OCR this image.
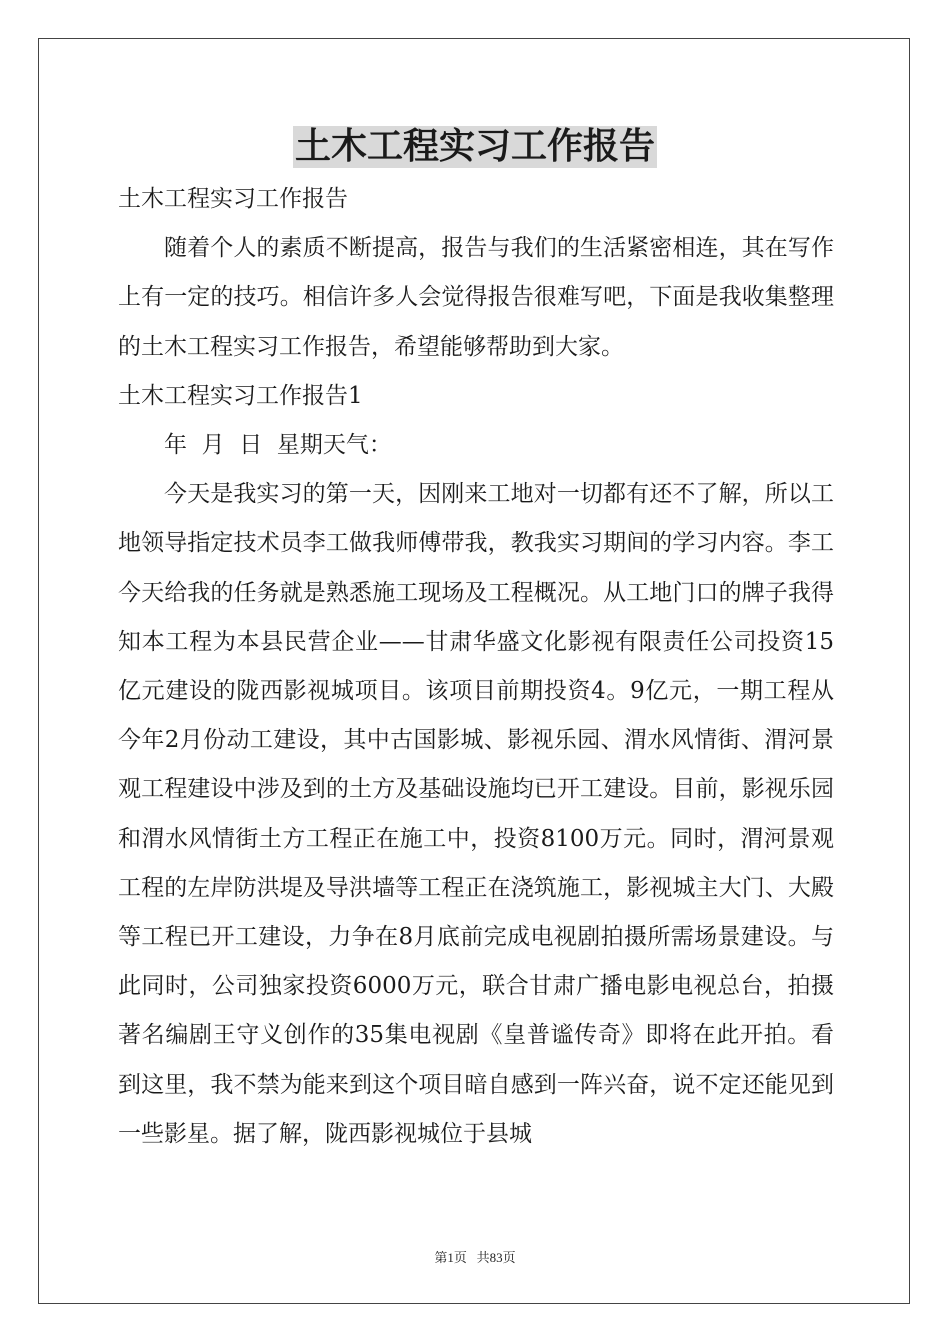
土木工程实习工作报告

土木工程实习工作报告

随着个人的素质不断提高，报告与我们的生活紧密相连，其在写作上有一定的技巧。相信许多人会觉得报告很难写吧，下面是我收集整理的土木工程实习工作报告，希望能够帮助到大家。

土木工程实习工作报告1

年  月  日  星期天气：

今天是我实习的第一天，因刚来工地对一切都有还不了解，所以工地领导指定技术员李工做我师傅带我，教我实习期间的学习内容。李工今天给我的任务就是熟悉施工现场及工程概况。从工地门口的牌子我得知本工程为本县民营企业——甘肃华盛文化影视有限责任公司投资15亿元建设的陇西影视城项目。该项目前期投资4。9亿元，一期工程从今年2月份动工建设，其中古国影城、影视乐园、渭水风情街、渭河景观工程建设中涉及到的土方及基础设施均已开工建设。目前，影视乐园和渭水风情街土方工程正在施工中，投资8100万元。同时，渭河景观工程的左岸防洪堤及导洪墙等工程正在浇筑施工，影视城主大门、大殿等工程已开工建设，力争在8月底前完成电视剧拍摄所需场景建设。与此同时，公司独家投资6000万元，联合甘肃广播电影电视总台，拍摄著名编剧王守义创作的35集电视剧《皇普谧传奇》即将在此开拍。看到这里，我不禁为能来到这个项目暗自感到一阵兴奋，说不定还能见到一些影星。据了解，陇西影视城位于县城

第1页   共83页
